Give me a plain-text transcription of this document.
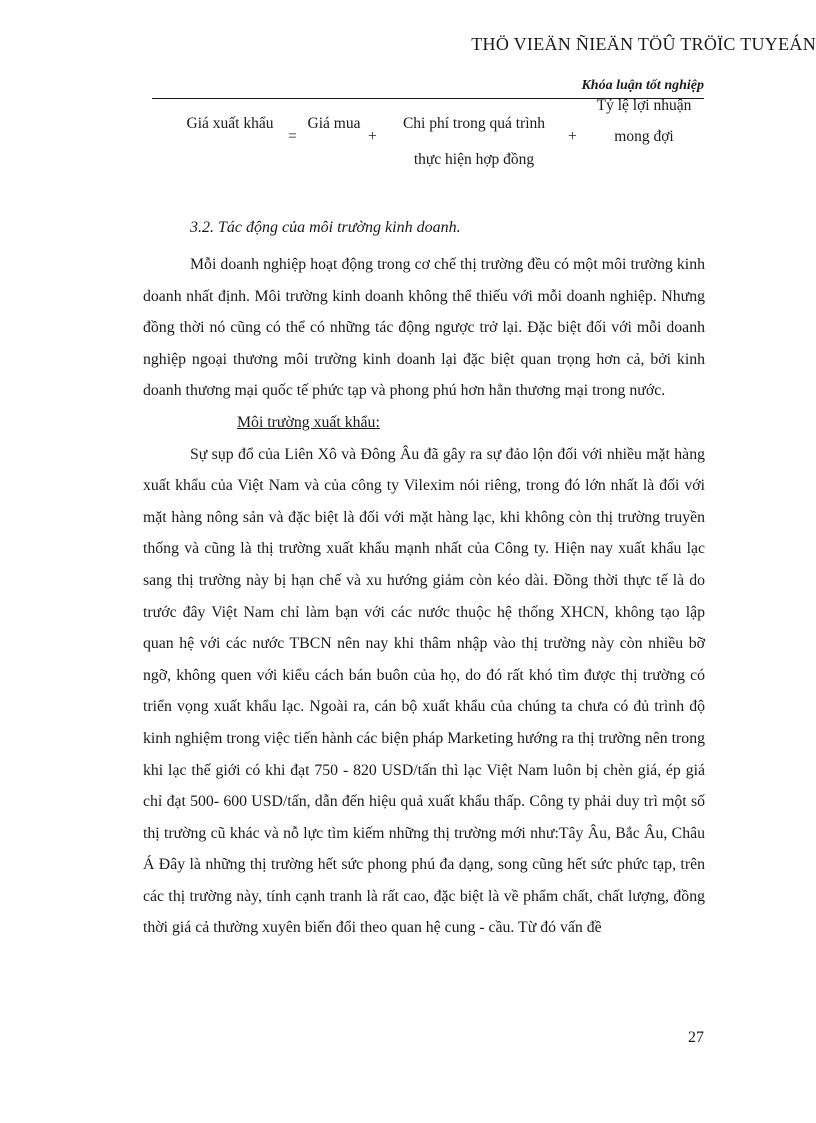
THÖ VIEÄN ÑIEÄN TÖÛ TRÖÏC TUYEÁN
Khóa luận tốt nghiệp
Giá xuất khẩu
=
Giá mua
+
Chi phí trong quá trình thực hiện hợp đồng
+
Tỷ lệ lợi nhuận mong đợi
3.2. Tác động của môi trường kinh doanh.

Mỗi doanh nghiệp hoạt động trong cơ chế thị trường đều có một môi trường kinh doanh nhất định. Môi trường kinh doanh không thể thiếu với mỗi doanh nghiệp. Nhưng đồng thời nó cũng có thể có những tác động ngược trở lại. Đặc biệt đối với mỗi doanh nghiệp ngoại thương môi trường kinh doanh lại đặc biệt quan trọng hơn cả, bởi kinh doanh thương mại quốc tế phức tạp và phong phú hơn hẳn thương mại trong nước.

Môi trường xuất khẩu:

Sự sụp đổ của Liên Xô và Đông Âu đã gây ra sự đảo lộn đối với nhiều mặt hàng xuất khẩu của Việt Nam và của công ty Vilexim nói riêng, trong đó lớn nhất là đối với mặt hàng nông sản và đặc biệt là đối với mặt hàng lạc, khi không còn thị trường truyền thống và cũng là thị trường xuất khẩu mạnh nhất của Công ty. Hiện nay xuất khẩu lạc sang thị trường này bị hạn chế và xu hướng giảm còn kéo dài. Đồng thời thực tế là do trước đây Việt Nam chỉ làm bạn với các nước thuộc hệ thống XHCN, không tạo lập quan hệ với các nước TBCN nên nay khi thâm nhập vào thị trường này còn nhiều bỡ ngỡ, không quen với kiểu cách bán buôn của họ, do đó rất khó tìm được thị trường có triển vọng xuất khẩu lạc. Ngoài ra, cán bộ xuất khẩu của chúng ta chưa có đủ trình độ kinh nghiệm trong việc tiến hành các biện pháp Marketing hướng ra thị trường nên trong khi lạc thế giới có khi đạt 750 - 820 USD/tấn thì lạc Việt Nam luôn bị chèn giá, ép giá chỉ đạt 500- 600 USD/tấn, dẫn đến hiệu quả xuất khẩu thấp. Công ty phải duy trì một số thị trường cũ khác và nỗ lực tìm kiếm những thị trường mới như:Tây Âu, Bắc Âu, Châu Á Đây là những thị trường hết sức phong phú đa dạng, song cũng hết sức phức tạp, trên các thị trường này, tính cạnh tranh là rất cao, đặc biệt là về phẩm chất, chất lượng, đồng thời giá cả thường xuyên biến đổi theo quan hệ cung - cầu. Từ đó vấn đề

27
